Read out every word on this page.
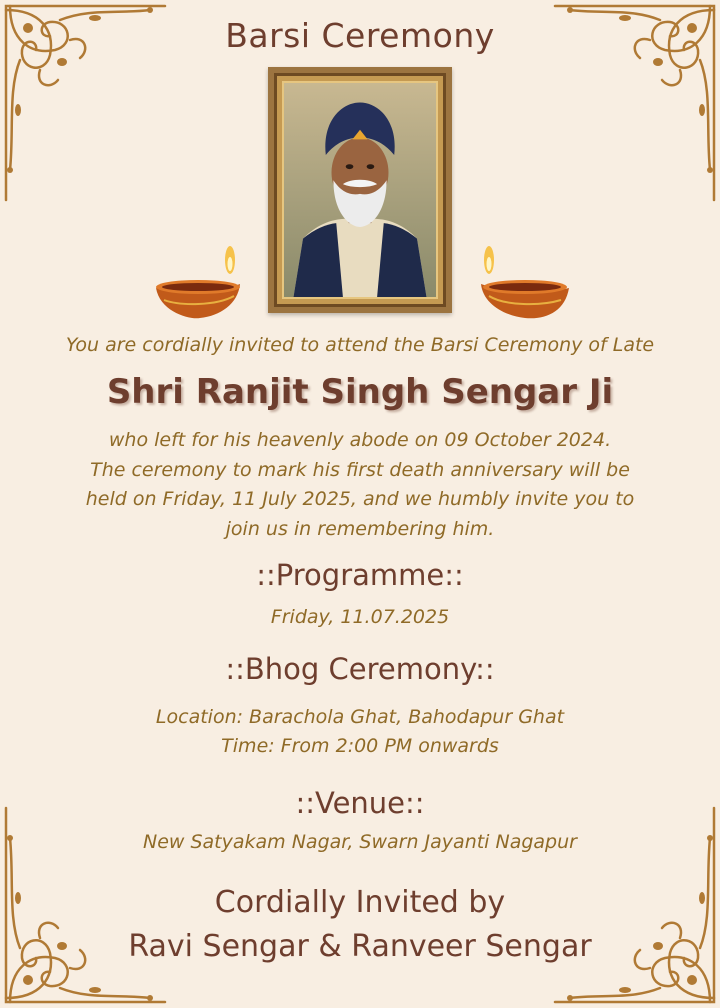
Barsi Ceremony
You are cordially invited to attend the Barsi Ceremony of Late
Shri Ranjit Singh Sengar Ji
who left for his heavenly abode on 09 October 2024.
The ceremony to mark his first death anniversary will be
held on Friday, 11 July 2025, and we humbly invite you to
join us in remembering him.
::Programme::
Friday, 11.07.2025
::Bhog Ceremony::
Location: Barachola Ghat, Bahodapur Ghat
Time: From 2:00 PM onwards
::Venue::
New Satyakam Nagar, Swarn Jayanti Nagapur
Cordially Invited by
Ravi Sengar & Ranveer Sengar
